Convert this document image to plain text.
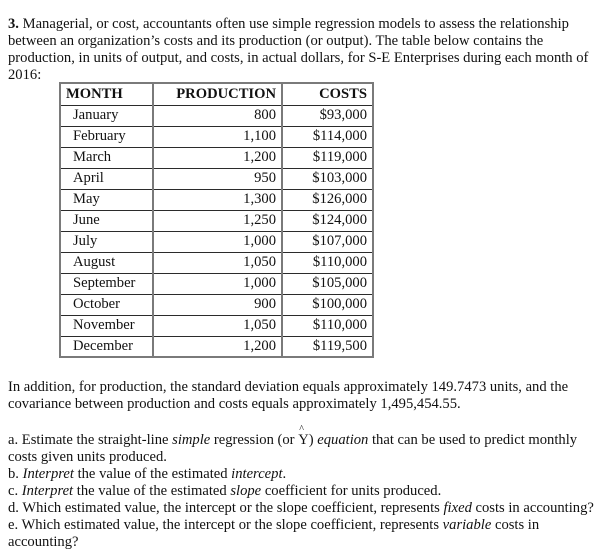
3. Managerial, or cost, accountants often use simple regression models to assess the relationship between an organization’s costs and its production (or output). The table below contains the production, in units of output, and costs, in actual dollars, for S-E Enterprises during each month of 2016:

MONTH	PRODUCTION	COSTS
January	800	$93,000
February	1,100	$114,000
March	1,200	$119,000
April	950	$103,000
May	1,300	$126,000
June	1,250	$124,000
July	1,000	$107,000
August	1,050	$110,000
September	1,000	$105,000
October	900	$100,000
November	1,050	$110,000
December	1,200	$119,500

In addition, for production, the standard deviation equals approximately 149.7473 units, and the covariance between production and costs equals approximately 1,495,454.55.

a. Estimate the straight-line simple regression (or
^
Y) equation that can be used to predict monthly costs given units produced.
b. Interpret the value of the estimated intercept.
c. Interpret the value of the estimated slope coefficient for units produced.
d. Which estimated value, the intercept or the slope coefficient, represents fixed costs in accounting?
e. Which estimated value, the intercept or the slope coefficient, represents variable costs in accounting?
